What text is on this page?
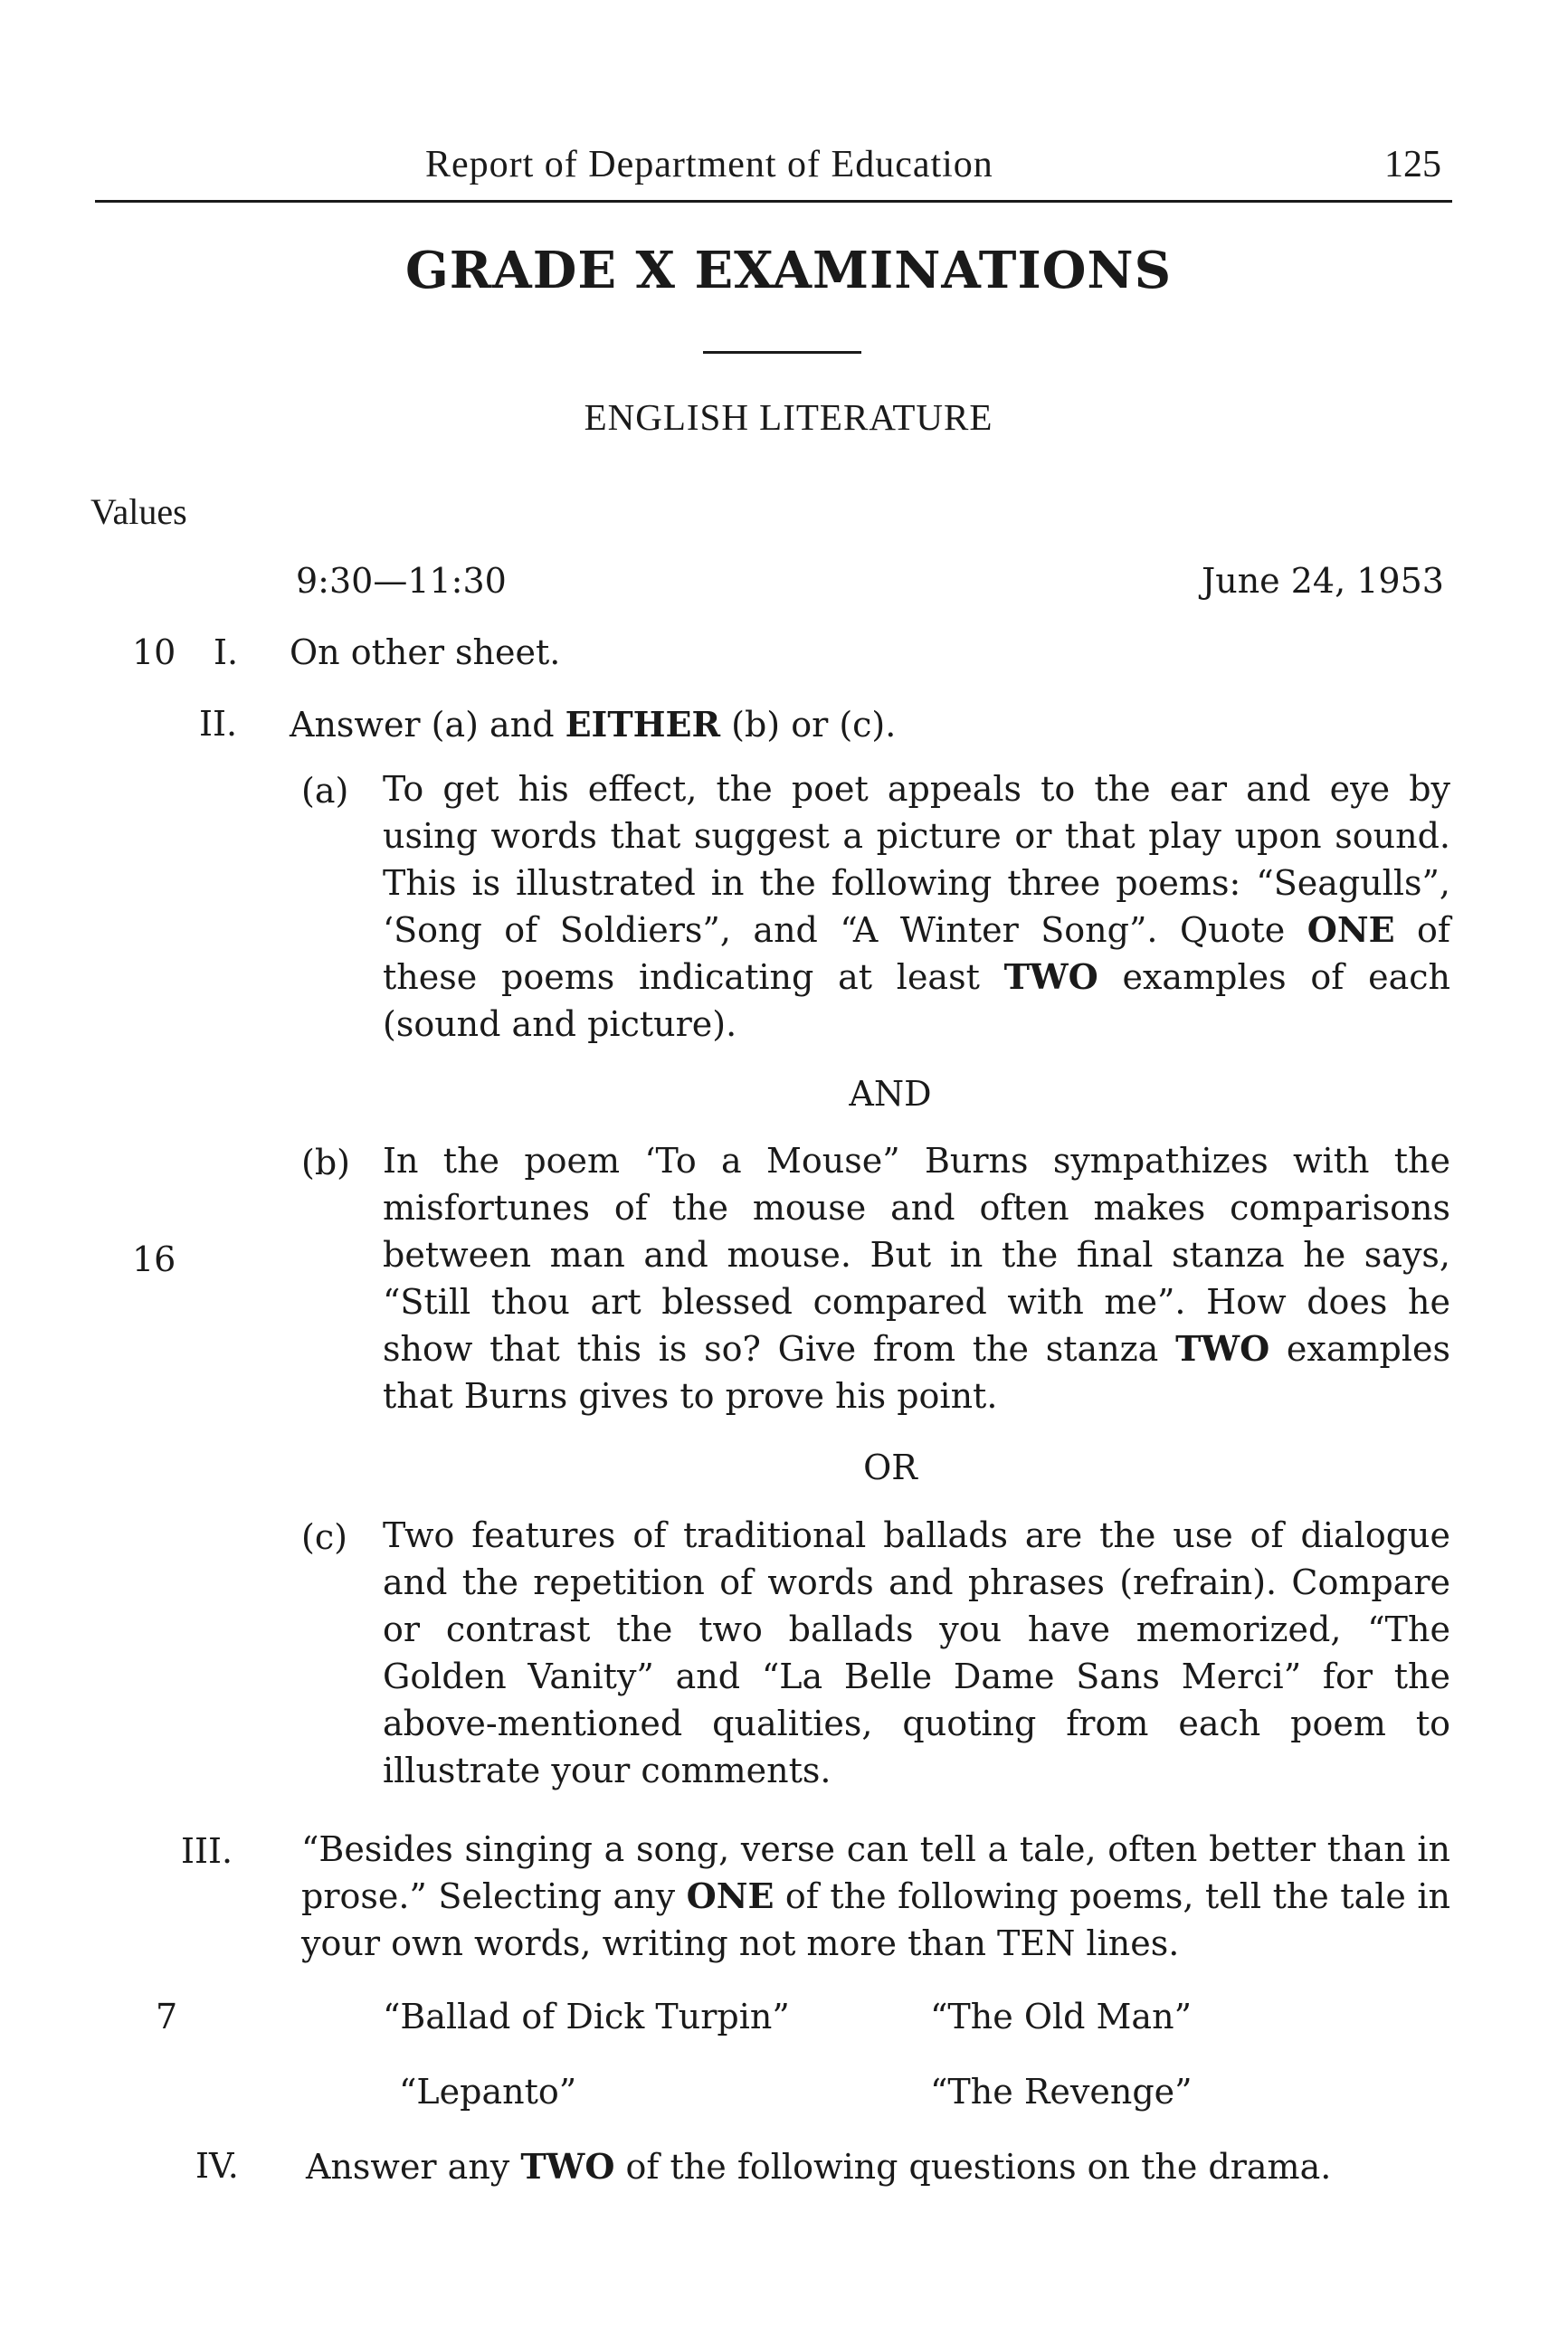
Report of Department of Education	125
GRADE X EXAMINATIONS
ENGLISH LITERATURE
Values
9:30—11:30	June 24, 1953
10 I. On other sheet.
II. Answer (a) and EITHER (b) or (c).
(a) To get his effect, the poet appeals to the ear and eye by using words that suggest a picture or that play upon sound. This is illustrated in the following three poems: “Seagulls”, ‘Song of Soldiers”, and “A Winter Song”. Quote ONE of these poems indicating at least TWO examples of each (sound and picture).
AND
16
(b) In the poem ‘To a Mouse” Burns sympathizes with the misfortunes of the mouse and often makes comparisons between man and mouse. But in the final stanza he says, “Still thou art blessed compared with me”. How does he show that this is so? Give from the stanza TWO examples that Burns gives to prove his point.
OR
(c) Two features of traditional ballads are the use of dialogue and the repetition of words and phrases (refrain). Compare or contrast the two ballads you have memorized, “The Golden Vanity” and “La Belle Dame Sans Merci” for the above-mentioned qualities, quoting from each poem to illustrate your comments.
III. “Besides singing a song, verse can tell a tale, often better than in prose.” Selecting any ONE of the following poems, tell the tale in your own words, writing not more than TEN lines.
7	“Ballad of Dick Turpin”	“The Old Man”
“Lepanto”	“The Revenge”
IV. Answer any TWO of the following questions on the drama.
